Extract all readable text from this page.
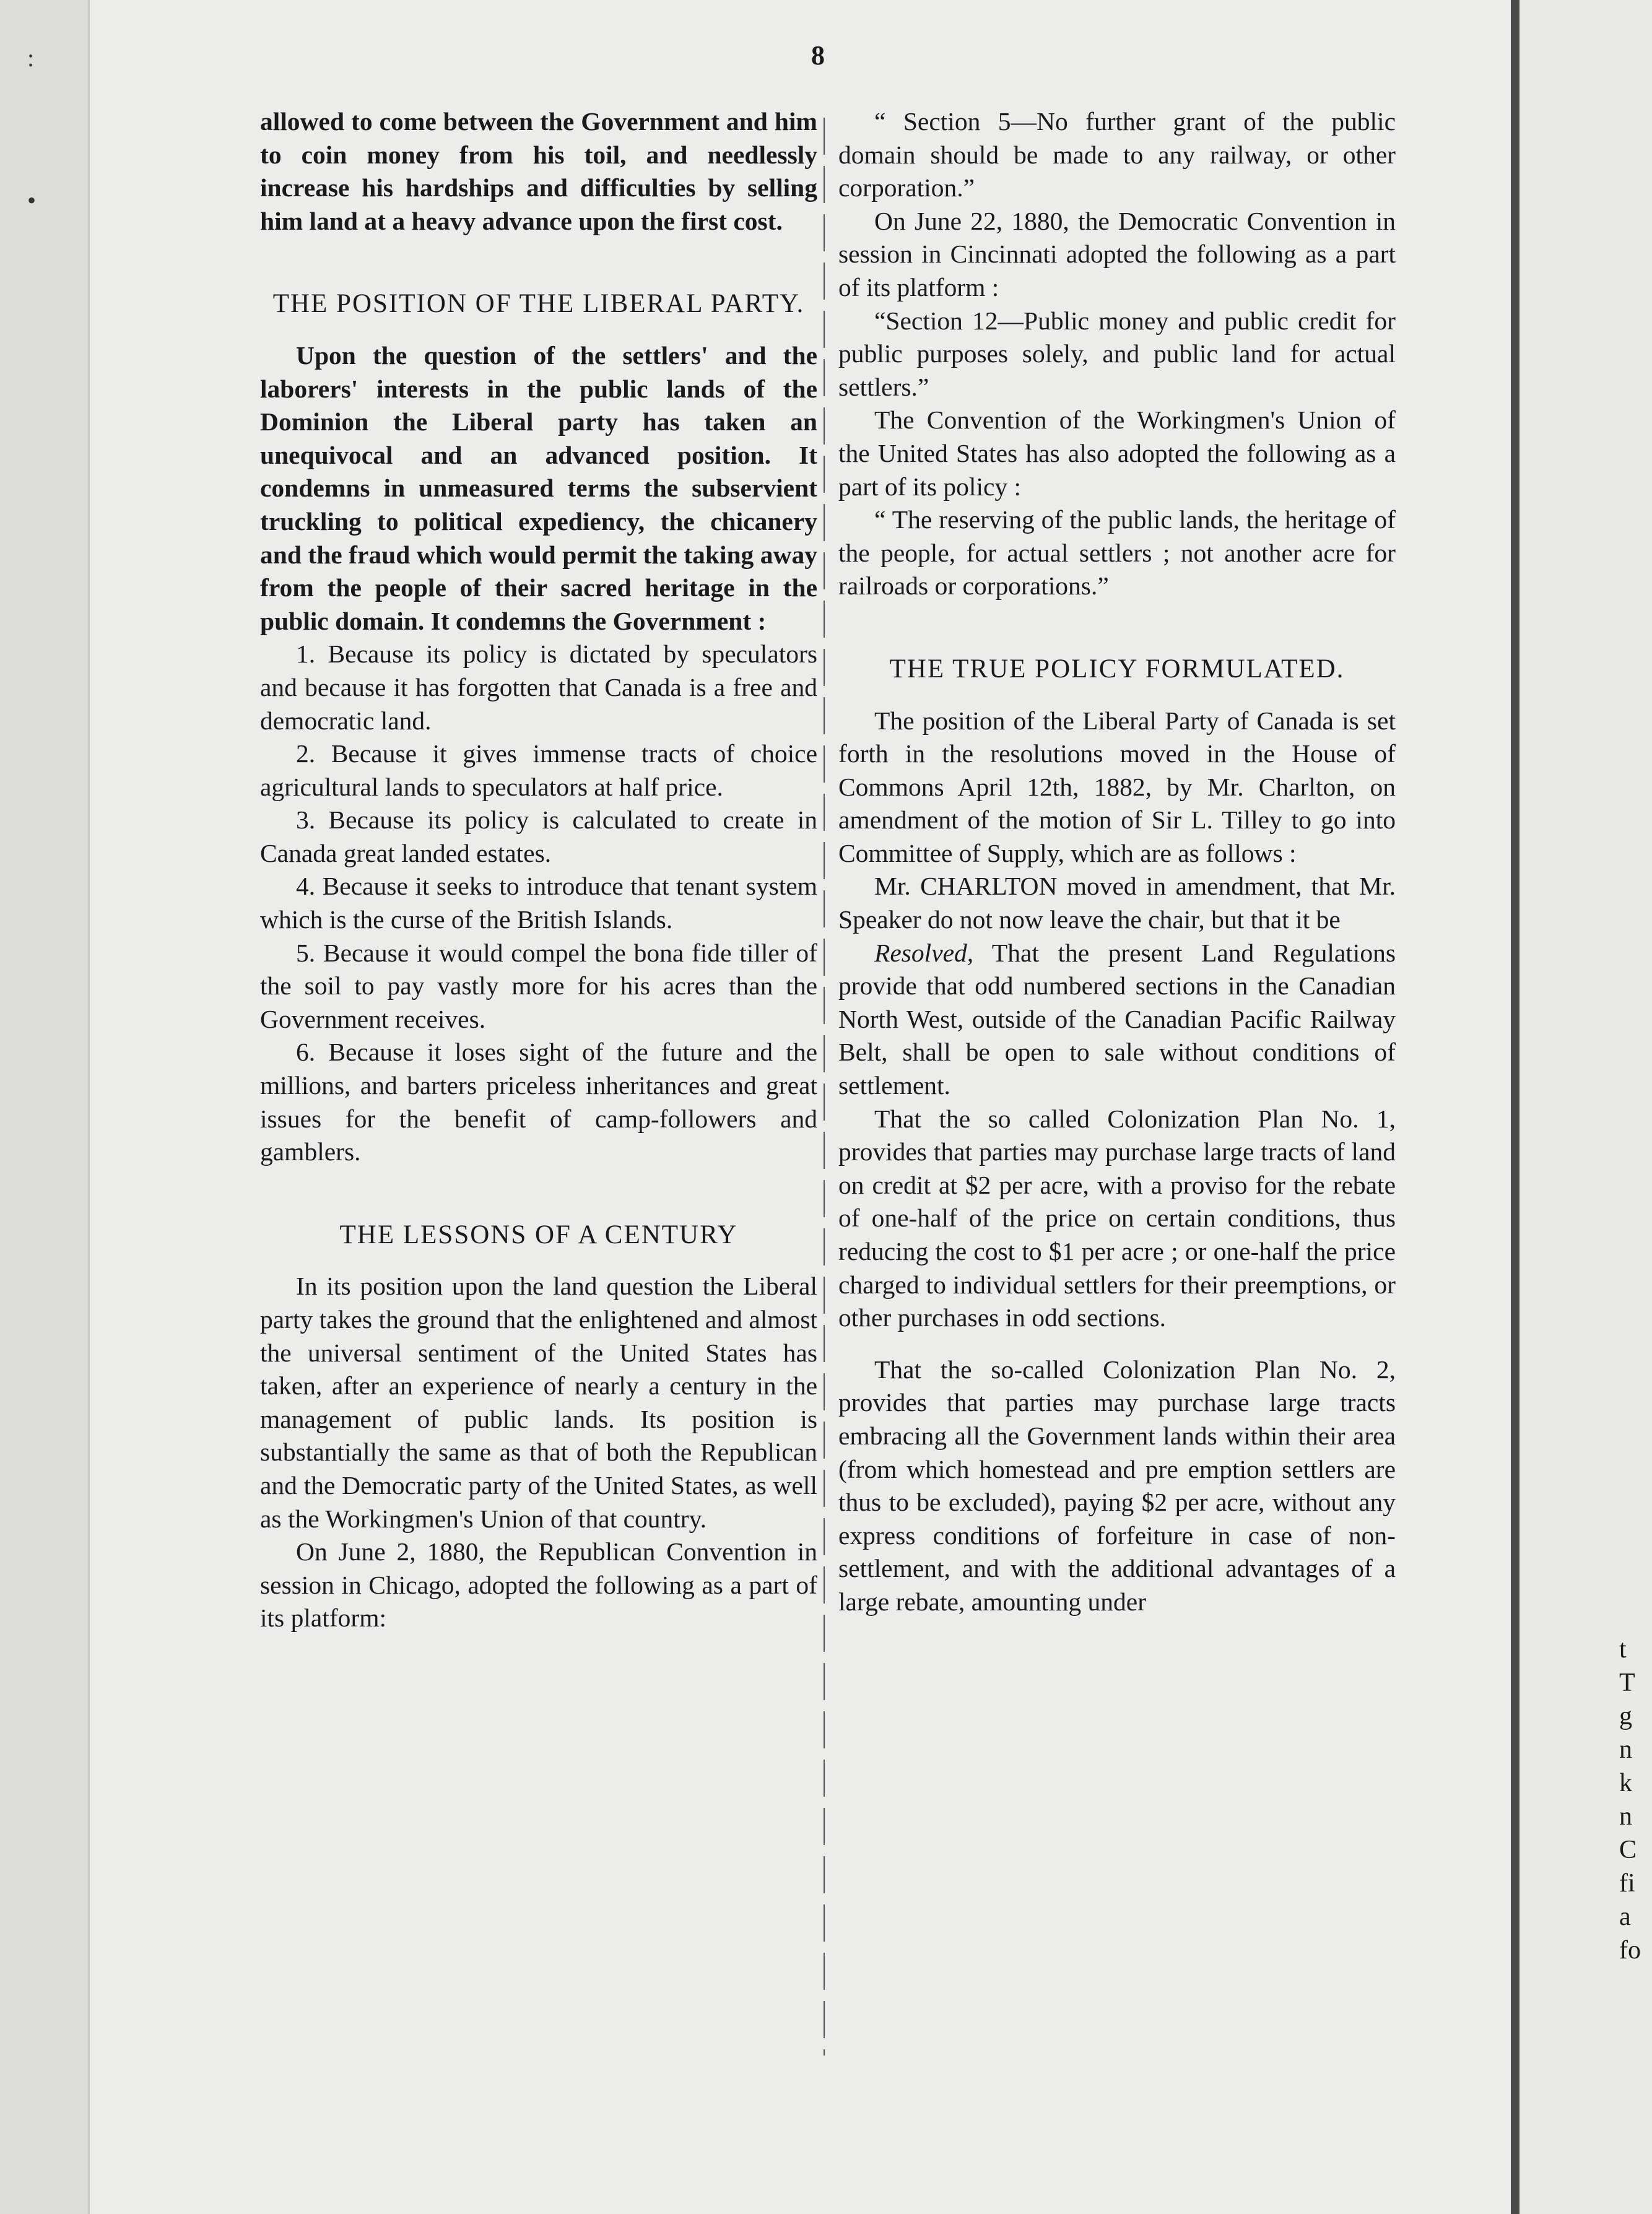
:
•
8

allowed to come between the Government and him to coin money from his toil, and needlessly increase his hardships and difficulties by selling him land at a heavy advance upon the first cost.

THE POSITION OF THE LIBERAL PARTY.

Upon the question of the settlers' and the laborers' interests in the public lands of the Dominion the Liberal party has taken an unequivocal and an advanced position. It condemns in unmeasured terms the subservient truckling to political expediency, the chicanery and the fraud which would permit the taking away from the people of their sacred heritage in the public domain. It condemns the Government :

1. Because its policy is dictated by speculators and because it has forgotten that Canada is a free and democratic land.

2. Because it gives immense tracts of choice agricultural lands to speculators at half price.

3. Because its policy is calculated to create in Canada great landed estates.

4. Because it seeks to introduce that tenant system which is the curse of the British Islands.

5. Because it would compel the bona fide tiller of the soil to pay vastly more for his acres than the Government receives.

6. Because it loses sight of the future and the millions, and barters priceless inheritances and great issues for the benefit of camp-followers and gamblers.

THE LESSONS OF A CENTURY

In its position upon the land question the Liberal party takes the ground that the enlightened and almost the universal sentiment of the United States has taken, after an experience of nearly a century in the management of public lands. Its position is substantially the same as that of both the Republican and the Democratic party of the United States, as well as the Workingmen's Union of that country.

On June 2, 1880, the Republican Convention in session in Chicago, adopted the following as a part of its platform:

“ Section 5—No further grant of the public domain should be made to any railway, or other corporation.”

On June 22, 1880, the Democratic Convention in session in Cincinnati adopted the following as a part of its platform :

“Section 12—Public money and public credit for public purposes solely, and public land for actual settlers.”

The Convention of the Workingmen's Union of the United States has also adopted the following as a part of its policy :

“ The reserving of the public lands, the heritage of the people, for actual settlers ; not another acre for railroads or corporations.”

THE TRUE POLICY FORMULATED.

The position of the Liberal Party of Canada is set forth in the resolutions moved in the House of Commons April 12th, 1882, by Mr. Charlton, on amendment of the motion of Sir L. Tilley to go into Committee of Supply, which are as follows :

Mr. CHARLTON moved in amendment, that Mr. Speaker do not now leave the chair, but that it be

Resolved, That the present Land Regulations provide that odd numbered sections in the Canadian North West, outside of the Canadian Pacific Railway Belt, shall be open to sale without conditions of settlement.

That the so called Colonization Plan No. 1, provides that parties may purchase large tracts of land on credit at $2 per acre, with a proviso for the rebate of one-half of the price on certain conditions, thus reducing the cost to $1 per acre ; or one-half the price charged to individual settlers for their preemptions, or other purchases in odd sections.

That the so-called Colonization Plan No. 2, provides that parties may purchase large tracts embracing all the Government lands within their area (from which homestead and pre emption settlers are thus to be excluded), paying $2 per acre, without any express conditions of forfeiture in case of non-settlement, and with the additional advantages of a large rebate, amounting under

t
T
g
n
k
n
C
fi
a
fo
